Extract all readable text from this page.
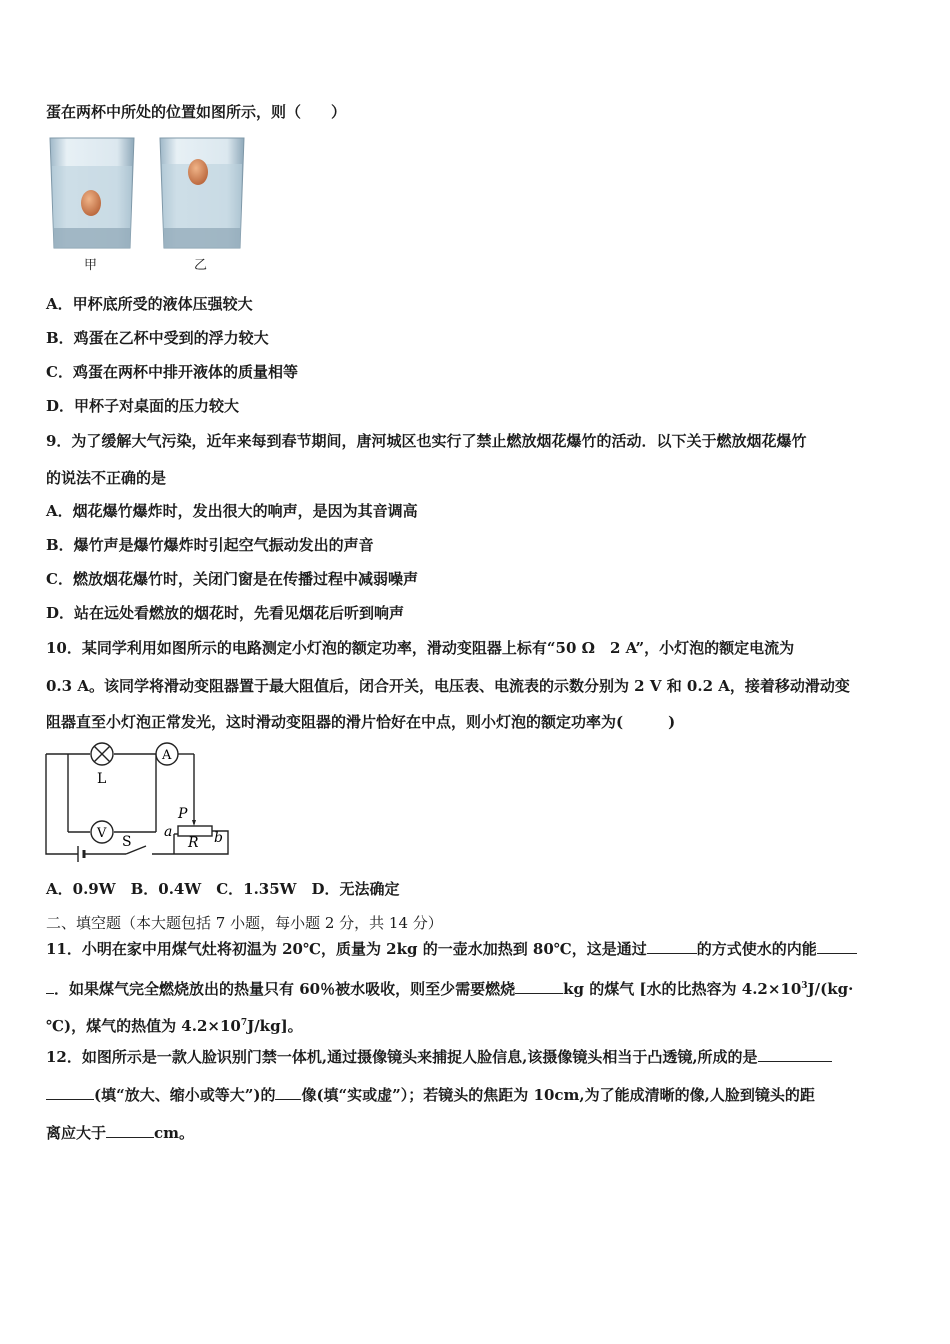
蛋在两杯中所处的位置如图所示，则（　　）
甲	乙
A．甲杯底所受的液体压强较大
B．鸡蛋在乙杯中受到的浮力较大
C．鸡蛋在两杯中排开液体的质量相等
D．甲杯子对桌面的压力较大
9．为了缓解大气污染，近年来每到春节期间，唐河城区也实行了禁止燃放烟花爆竹的活动．以下关于燃放烟花爆竹
的说法不正确的是
A．烟花爆竹爆炸时，发出很大的响声，是因为其音调高
B．爆竹声是爆竹爆炸时引起空气振动发出的声音
C．燃放烟花爆竹时，关闭门窗是在传播过程中减弱噪声
D．站在远处看燃放的烟花时，先看见烟花后听到响声
10．某同学利用如图所示的电路测定小灯泡的额定功率，滑动变阻器上标有“50 Ω　2 A”，小灯泡的额定电流为
0.3 A。该同学将滑动变阻器置于最大阻值后，闭合开关，电压表、电流表的示数分别为 2 V 和 0.2 A，接着移动滑动变
阻器直至小灯泡正常发光，这时滑动变阻器的滑片恰好在中点，则小灯泡的额定功率为(　　　)
A
V
L
P
a
R b
S
A．0.9W　B．0.4W　C．1.35W　D．无法确定
二、填空题（本大题包括 7 小题，每小题 2 分，共 14 分）
11．小明在家中用煤气灶将初温为 20℃，质量为 2kg 的一壶水加热到 80℃，这是通过	的方式使水的内能
．如果煤气完全燃烧放出的热量只有 60％被水吸收，则至少需要燃烧	kg 的煤气 [水的比热容为 $4.2\times 10^3J/(kg\cdot$
℃)，煤气的热值为 $4.2\times 10^7J/kg$]。
12．如图所示是一款人脸识别门禁一体机,通过摄像镜头来捕捉人脸信息,该摄像镜头相当于凸透镜,所成的是
(填“放大、缩小或等大”)的 像(填“实或虚”）；若镜头的焦距为 10cm,为了能成清晰的像,人脸到镜头的距
离应大于	cm。
